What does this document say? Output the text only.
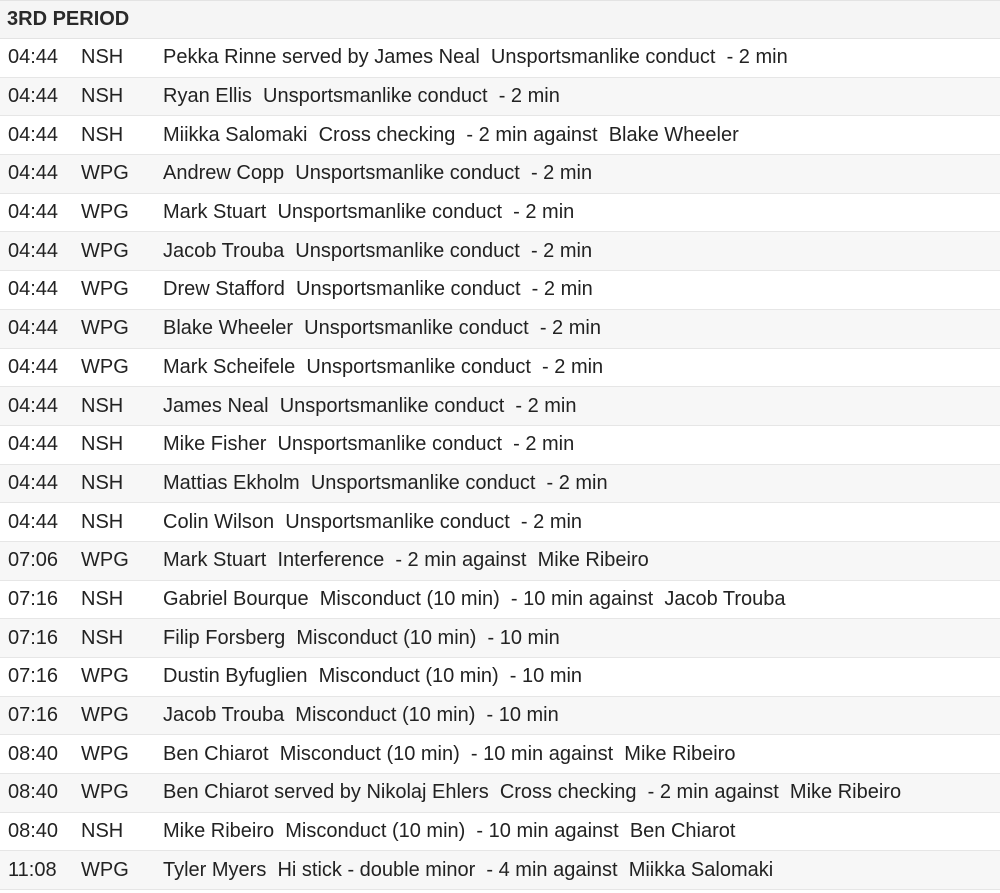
3RD PERIOD
04:44	NSH	Pekka Rinne served by James Neal  Unsportsmanlike conduct  - 2 min
04:44	NSH	Ryan Ellis  Unsportsmanlike conduct  - 2 min
04:44	NSH	Miikka Salomaki  Cross checking  - 2 min against  Blake Wheeler
04:44	WPG	Andrew Copp  Unsportsmanlike conduct  - 2 min
04:44	WPG	Mark Stuart  Unsportsmanlike conduct  - 2 min
04:44	WPG	Jacob Trouba  Unsportsmanlike conduct  - 2 min
04:44	WPG	Drew Stafford  Unsportsmanlike conduct  - 2 min
04:44	WPG	Blake Wheeler  Unsportsmanlike conduct  - 2 min
04:44	WPG	Mark Scheifele  Unsportsmanlike conduct  - 2 min
04:44	NSH	James Neal  Unsportsmanlike conduct  - 2 min
04:44	NSH	Mike Fisher  Unsportsmanlike conduct  - 2 min
04:44	NSH	Mattias Ekholm  Unsportsmanlike conduct  - 2 min
04:44	NSH	Colin Wilson  Unsportsmanlike conduct  - 2 min
07:06	WPG	Mark Stuart  Interference  - 2 min against  Mike Ribeiro
07:16	NSH	Gabriel Bourque  Misconduct (10 min)  - 10 min against  Jacob Trouba
07:16	NSH	Filip Forsberg  Misconduct (10 min)  - 10 min
07:16	WPG	Dustin Byfuglien  Misconduct (10 min)  - 10 min
07:16	WPG	Jacob Trouba  Misconduct (10 min)  - 10 min
08:40	WPG	Ben Chiarot  Misconduct (10 min)  - 10 min against  Mike Ribeiro
08:40	WPG	Ben Chiarot served by Nikolaj Ehlers  Cross checking  - 2 min against  Mike Ribeiro
08:40	NSH	Mike Ribeiro  Misconduct (10 min)  - 10 min against  Ben Chiarot
11:08	WPG	Tyler Myers  Hi stick - double minor  - 4 min against  Miikka Salomaki
